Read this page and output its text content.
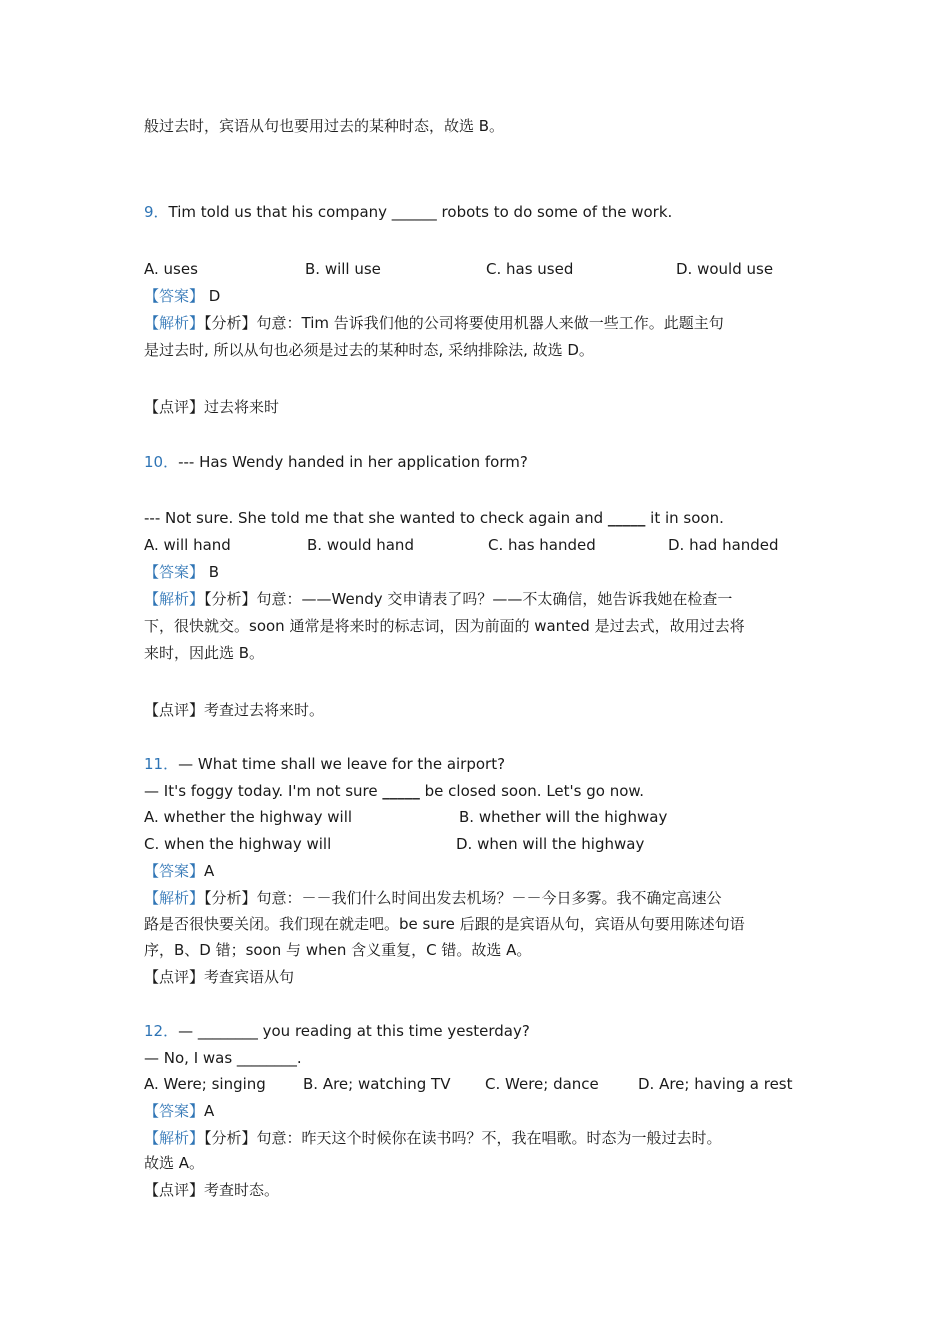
般过去时，宾语从句也要用过去的某种时态，故选 B。
9．Tim told us that his company ______ robots to do some of the work.
A. uses	B. will use	C. has used	D. would use
【答案】 D
【解析】【分析】句意：Tim 告诉我们他的公司将要使用机器人来做一些工作。此题主句
是过去时, 所以从句也必须是过去的某种时态, 采纳排除法, 故选 D。
【点评】过去将来时
10．--- Has Wendy handed in her application form?
--- Not sure. She told me that she wanted to check again and _____ it in soon.
A. will hand	B. would hand	C. has handed	D. had handed
【答案】 B
【解析】【分析】句意：——Wendy 交申请表了吗？——不太确信，她告诉我她在检查一
下，很快就交。soon 通常是将来时的标志词，因为前面的 wanted 是过去式，故用过去将
来时，因此选 B。
【点评】考查过去将来时。
11．— What time shall we leave for the airport?
— It's foggy today. I'm not sure _____ be closed soon. Let's go now.
A. whether the highway will	B. whether will the highway
C. when the highway will	D. when will the highway
【答案】A
【解析】【分析】句意：－－我们什么时间出发去机场？－－今日多雾。我不确定高速公
路是否很快要关闭。我们现在就走吧。be sure 后跟的是宾语从句，宾语从句要用陈述句语
序，B、D 错；soon 与 when 含义重复，C 错。故选 A。
【点评】考查宾语从句
12．— ________ you reading at this time yesterday?
— No, I was ________.
A. Were; singing B. Are; watching TV C. Were; dance	D. Are; having a rest
【答案】A
【解析】【分析】句意：昨天这个时候你在读书吗？不，我在唱歌。时态为一般过去时。
故选 A。
【点评】考查时态。
